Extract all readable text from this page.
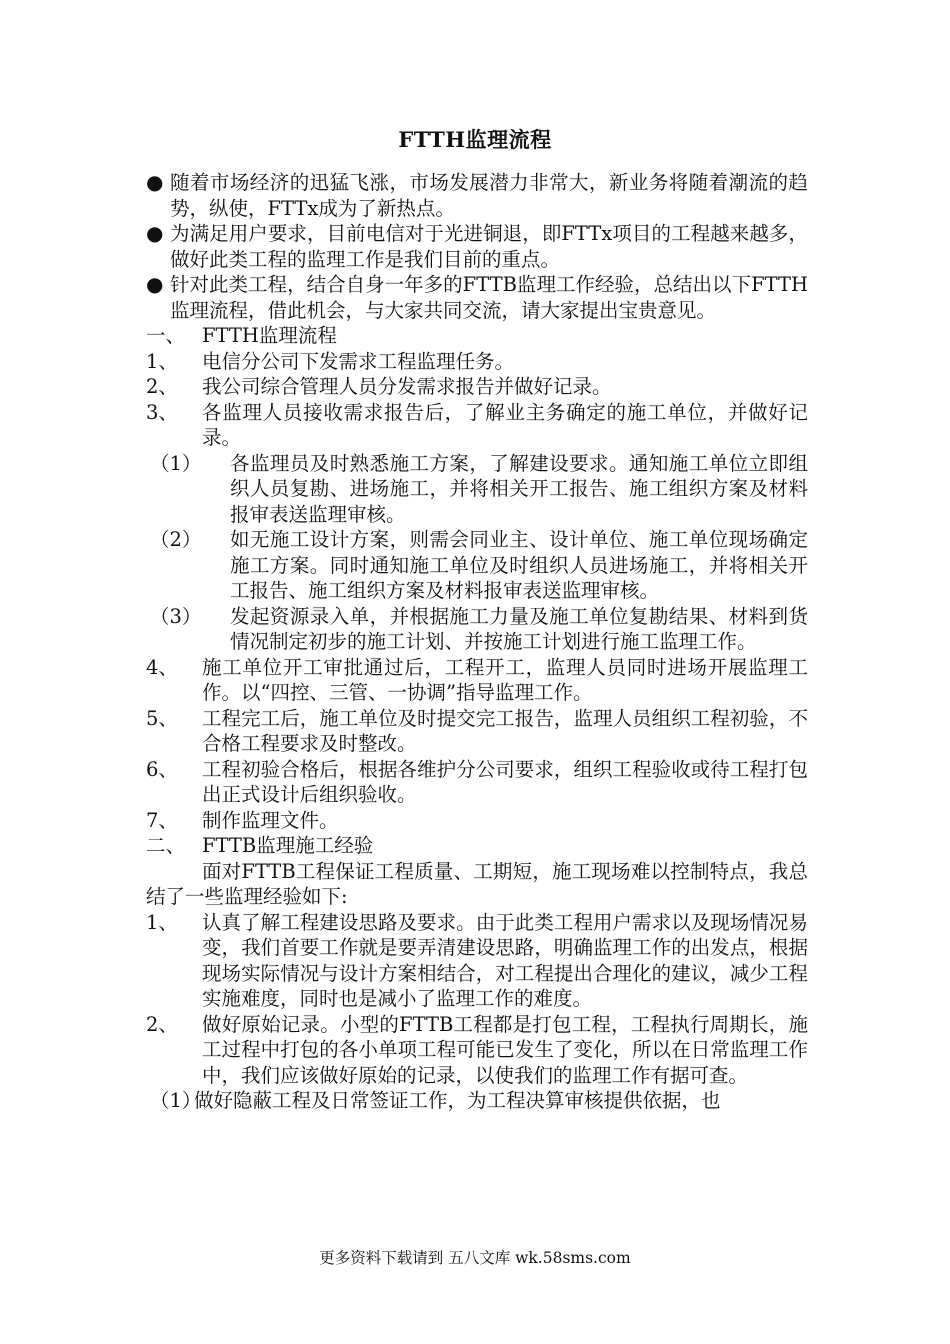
FTTH监理流程

● 随着市场经济的迅猛飞涨，市场发展潜力非常大，新业务将随着潮流的趋势，纵使，FTTx成为了新热点。

● 为满足用户要求，目前电信对于光进铜退，即FTTx项目的工程越来越多，做好此类工程的监理工作是我们目前的重点。

● 针对此类工程，结合自身一年多的FTTB监理工作经验，总结出以下FTTH监理流程，借此机会，与大家共同交流，请大家提出宝贵意见。

一、 FTTH监理流程

1、 电信分公司下发需求工程监理任务。

2、 我公司综合管理人员分发需求报告并做好记录。

3、 各监理人员接收需求报告后，了解业主务确定的施工单位，并做好记录。

（1） 各监理员及时熟悉施工方案，了解建设要求。通知施工单位立即组织人员复勘、进场施工，并将相关开工报告、施工组织方案及材料报审表送监理审核。

（2） 如无施工设计方案，则需会同业主、设计单位、施工单位现场确定施工方案。同时通知施工单位及时组织人员进场施工，并将相关开工报告、施工组织方案及材料报审表送监理审核。

（3） 发起资源录入单，并根据施工力量及施工单位复勘结果、材料到货情况制定初步的施工计划、并按施工计划进行施工监理工作。

4、 施工单位开工审批通过后，工程开工，监理人员同时进场开展监理工作。以“四控、三管、一协调”指导监理工作。

5、 工程完工后，施工单位及时提交完工报告，监理人员组织工程初验，不合格工程要求及时整改。

6、 工程初验合格后，根据各维护分公司要求，组织工程验收或待工程打包出正式设计后组织验收。

7、 制作监理文件。

二、 FTTB监理施工经验

面对FTTB工程保证工程质量、工期短，施工现场难以控制特点，我总结了一些监理经验如下:

1、 认真了解工程建设思路及要求。由于此类工程用户需求以及现场情况易变，我们首要工作就是要弄清建设思路，明确监理工作的出发点，根据现场实际情况与设计方案相结合，对工程提出合理化的建议，减少工程实施难度，同时也是减小了监理工作的难度。

2、 做好原始记录。小型的FTTB工程都是打包工程，工程执行周期长，施工过程中打包的各小单项工程可能已发生了变化，所以在日常监理工作中，我们应该做好原始的记录，以使我们的监理工作有据可查。

（1）
做好隐蔽工程及日常签证工作，为工程决算审核提供依据，也

更多资料下载请到 五八文库 wk.58sms.com
